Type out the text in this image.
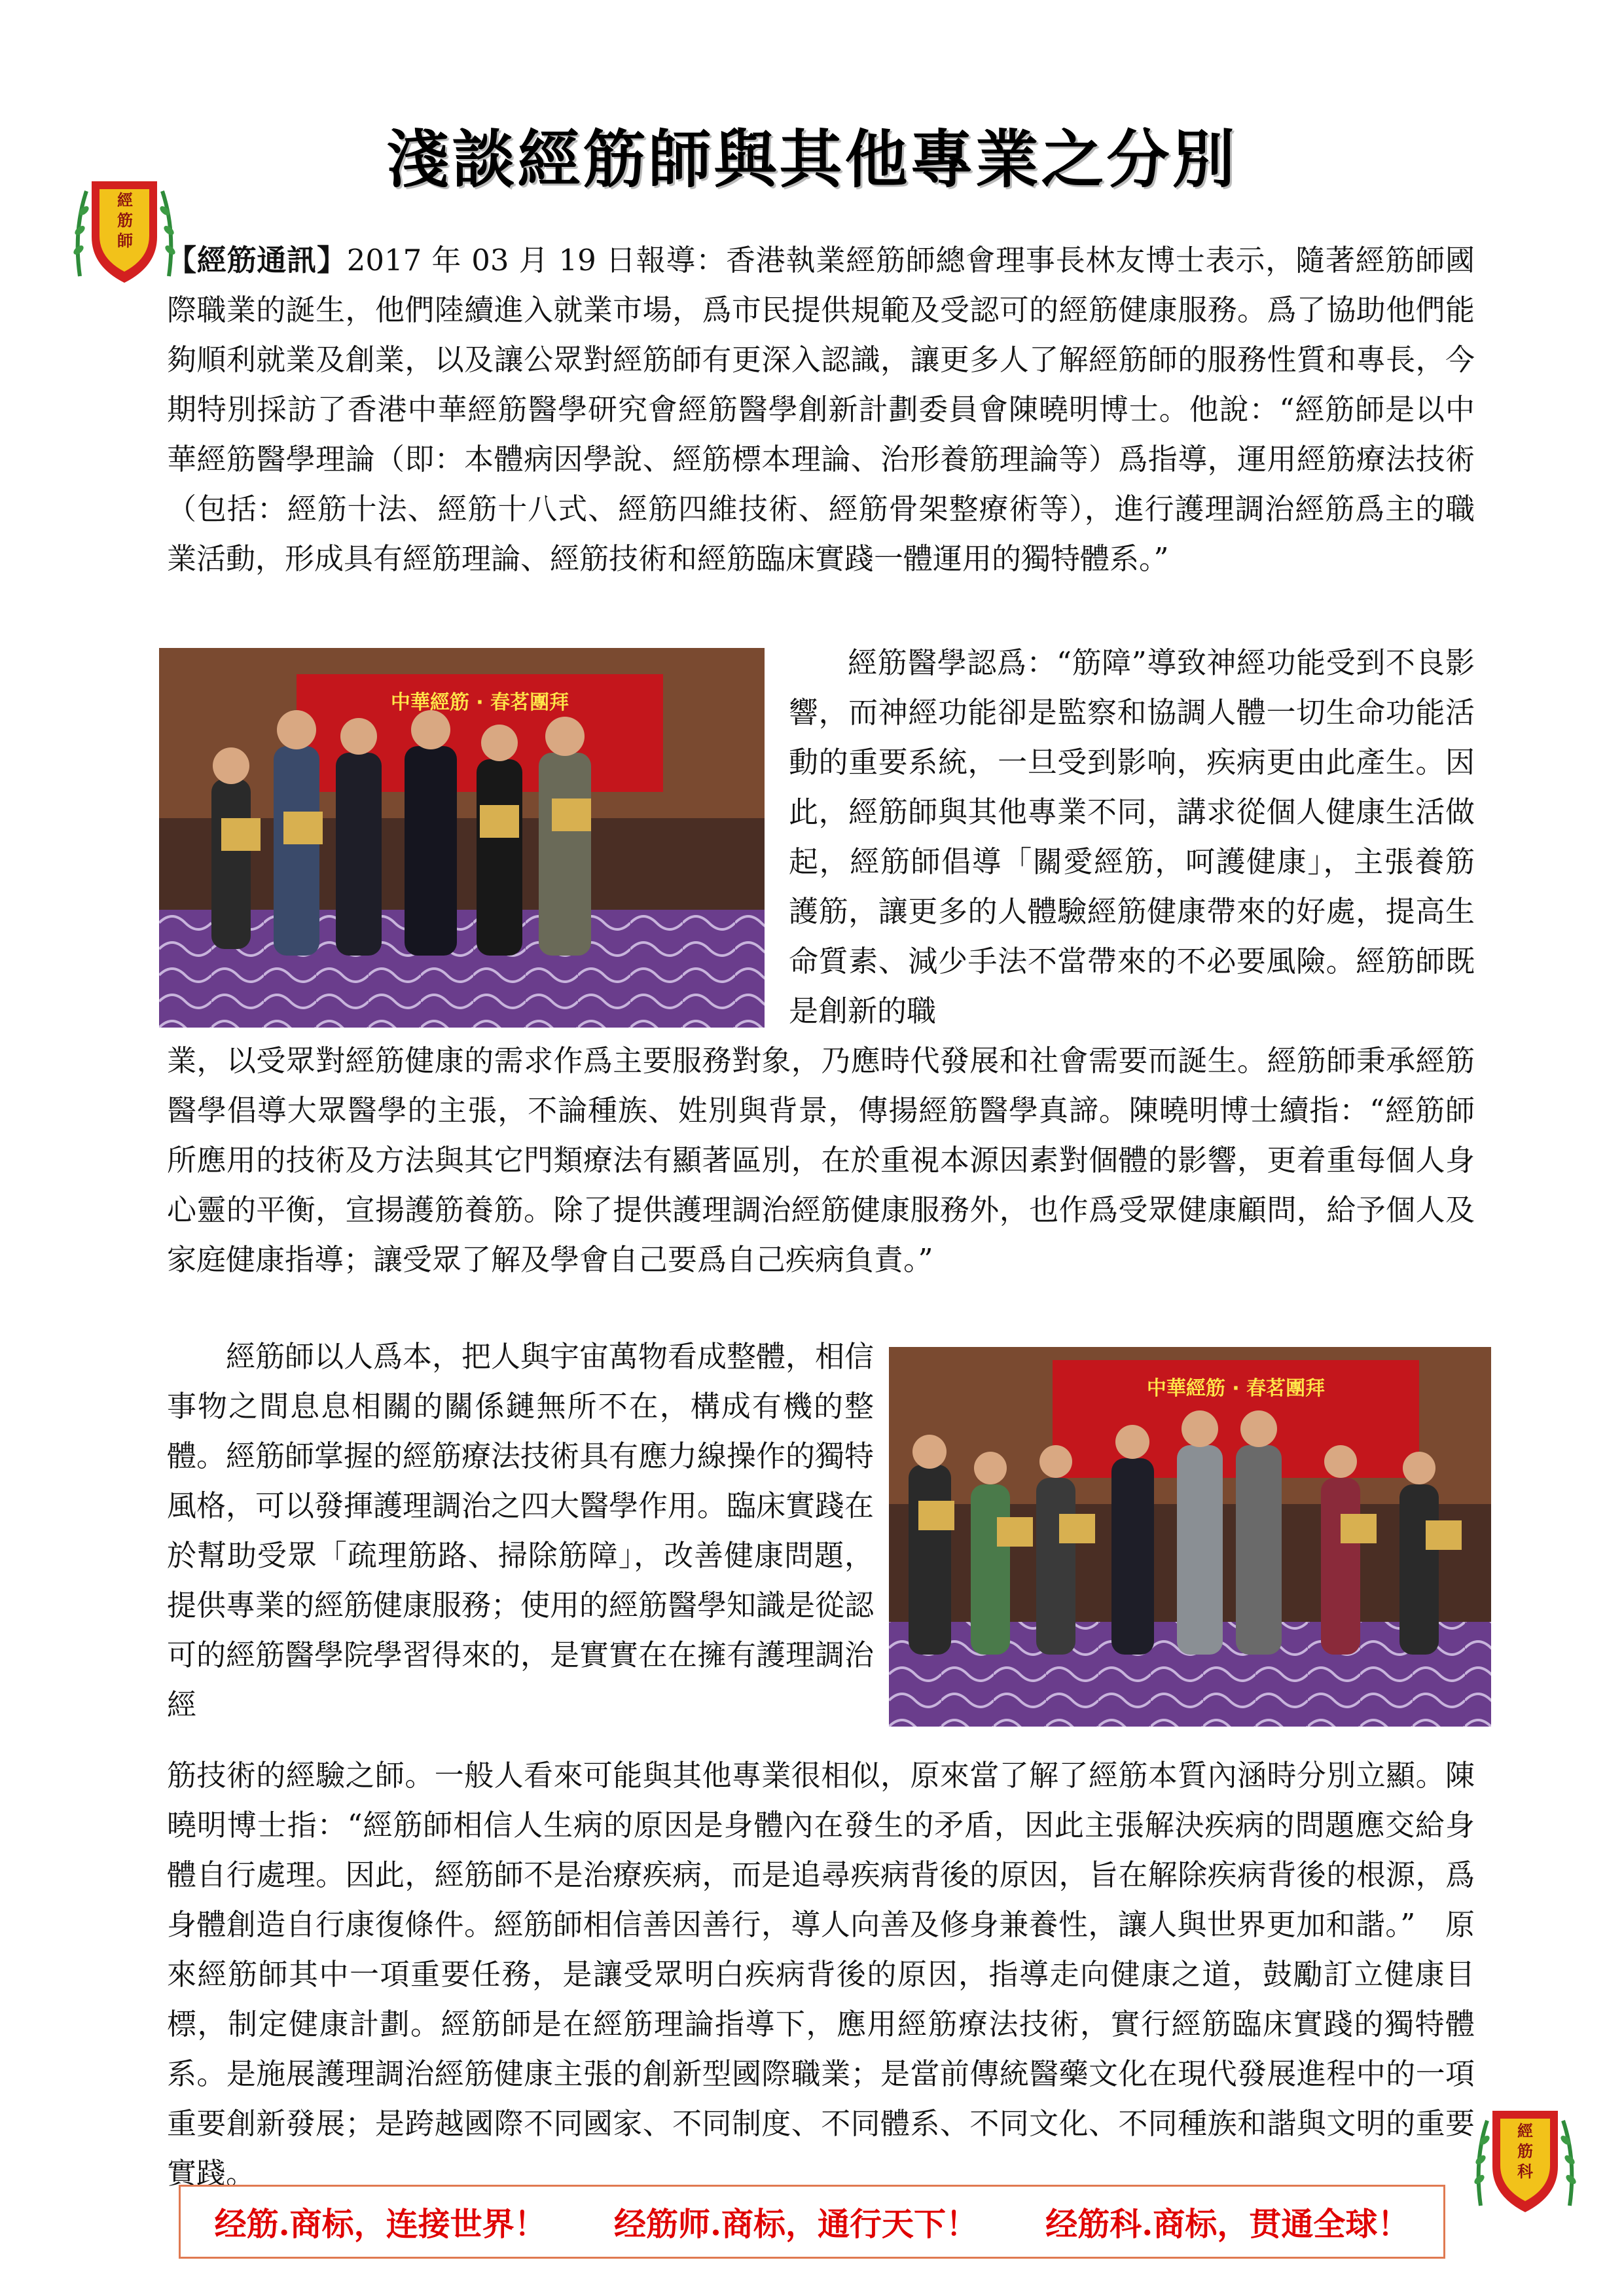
淺談經筋師與其他專業之分別
經筋師

【經筋通訊】2017 年 03 月 19 日報導：香港執業經筋師總會理事長林友博士表示，隨著經筋師國際職業的誕生，他們陸續進入就業市場，爲市民提供規範及受認可的經筋健康服務。爲了協助他們能夠順利就業及創業，以及讓公眾對經筋師有更深入認識，讓更多人了解經筋師的服務性質和專長，今期特別採訪了香港中華經筋醫學研究會經筋醫學創新計劃委員會陳曉明博士。他說：“經筋師是以中華經筋醫學理論（即：本體病因學說、經筋標本理論、治形養筋理論等）爲指導，運用經筋療法技術（包括：經筋十法、經筋十八式、經筋四維技術、經筋骨架整療術等），進行護理調治經筋爲主的職業活動，形成具有經筋理論、經筋技術和經筋臨床實踐一體運用的獨特體系。”

中華經筋 · 春茗團拜

經筋醫學認爲：“筋障”導致神經功能受到不良影響，而神經功能卻是監察和協調人體一切生命功能活動的重要系統，一旦受到影响，疾病更由此產生。因此，經筋師與其他專業不同，講求從個人健康生活做起，經筋師倡導「關愛經筋，呵護健康」，主張養筋護筋，讓更多的人體驗經筋健康帶來的好處，提高生命質素、減少手法不當帶來的不必要風險。經筋師既是創新的職

業，以受眾對經筋健康的需求作爲主要服務對象，乃應時代發展和社會需要而誕生。經筋師秉承經筋醫學倡導大眾醫學的主張，不論種族、姓別與背景，傳揚經筋醫學真諦。陳曉明博士續指：“經筋師所應用的技術及方法與其它門類療法有顯著區別，在於重視本源因素對個體的影響，更着重每個人身心靈的平衡，宣揚護筋養筋。除了提供護理調治經筋健康服務外，也作爲受眾健康顧問，給予個人及家庭健康指導；讓受眾了解及學會自己要爲自己疾病負責。”

經筋師以人爲本，把人與宇宙萬物看成整體，相信事物之間息息相關的關係鏈無所不在，構成有機的整體。經筋師掌握的經筋療法技術具有應力線操作的獨特風格，可以發揮護理調治之四大醫學作用。臨床實踐在於幫助受眾「疏理筋路、掃除筋障」，改善健康問題，提供專業的經筋健康服務；使用的經筋醫學知識是從認可的經筋醫學院學習得來的，是實實在在擁有護理調治經

中華經筋 · 春茗團拜

筋技術的經驗之師。一般人看來可能與其他專業很相似，原來當了解了經筋本質內涵時分別立顯。陳曉明博士指：“經筋師相信人生病的原因是身體內在發生的矛盾，因此主張解決疾病的問題應交給身體自行處理。因此，經筋師不是治療疾病，而是追尋疾病背後的原因，旨在解除疾病背後的根源，爲身體創造自行康復條件。經筋師相信善因善行，導人向善及修身兼養性，讓人與世界更加和諧。”　原來經筋師其中一項重要任務，是讓受眾明白疾病背後的原因，指導走向健康之道，鼓勵訂立健康目標，制定健康計劃。經筋師是在經筋理論指導下，應用經筋療法技術，實行經筋臨床實踐的獨特體系。是施展護理調治經筋健康主張的創新型國際職業；是當前傳統醫藥文化在現代發展進程中的一項重要創新發展；是跨越國際不同國家、不同制度、不同體系、不同文化、不同種族和諧與文明的重要實踐。

經筋科
经筋.商标，连接世界！ 经筋师.商标，通行天下！ 经筋科.商标，贯通全球！
